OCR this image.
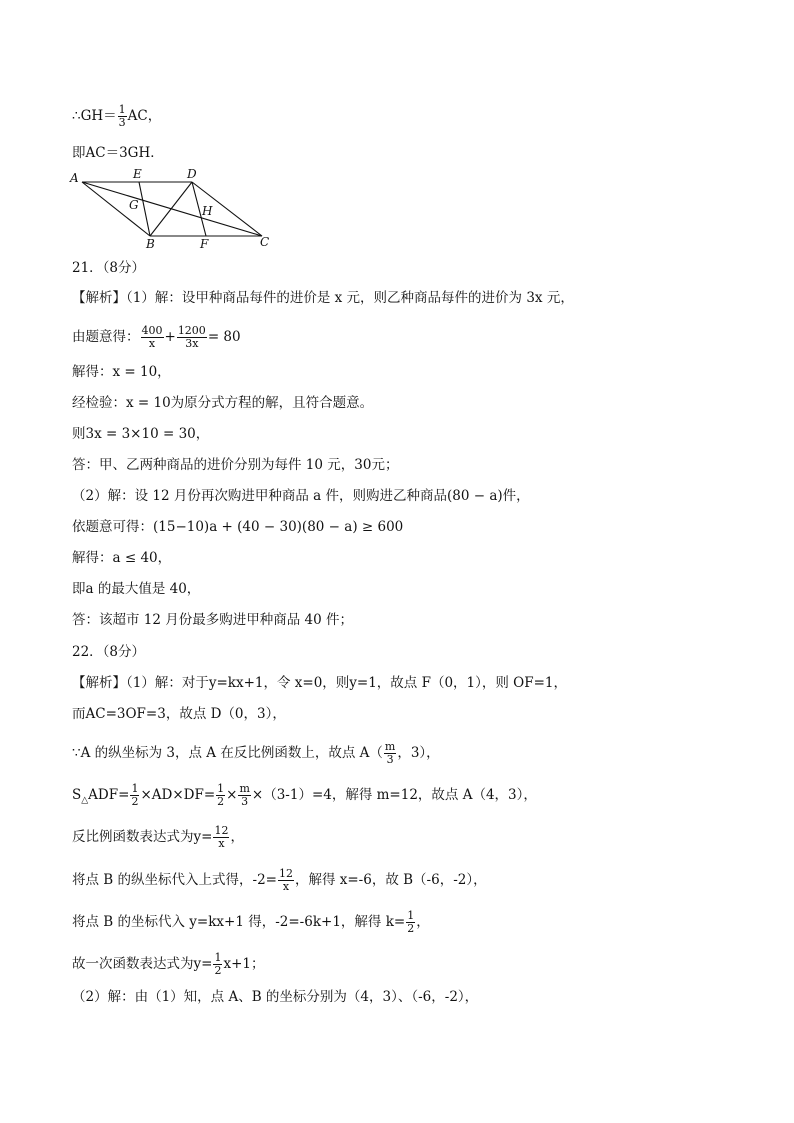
∴GH＝ $\frac{1}{3}$ AC，
即AC＝3GH．
A	E	D
G	H
B	F	C
21．（8分）
【解析】（1）解：设甲种商品每件的进价是 x 元，则乙种商品每件的进价为 3x 元，
由题意得： $\frac{400}{x} + \frac{1200}{3x} = 80$
解得：x = 10，
经检验：x = 10为原分式方程的解，且符合题意。
则3x = 3×10 = 30，
答：甲、乙两种商品的进价分别为每件 10 元，30元；
（2）解：设 12 月份再次购进甲种商品 a 件，则购进乙种商品(80 − a)件，
依题意可得：(15−10)a + (40 − 30)(80 − a) ≥ 600
解得：a ≤ 40，
即a 的最大值是 40，
答：该超市 12 月份最多购进甲种商品 40 件；
22．（8分）
【解析】（1）解：对于y=kx+1，令 x=0，则y=1，故点 F（0，1），则 OF=1，
而AC=3OF=3，故点 D（0，3），
∵A 的纵坐标为 3，点 A 在反比例函数上，故点 $A( \frac{m}{3}$ ，3），
$S_\triangle ADF= \frac{1}{2} \times AD\times DF= \frac{1}{2} \times \frac{m}{3} \times(3-1)=4$，解得 m=12，故点 A（4，3），
反比例函数表达式为$y= \frac{12}{x}$ ，
将点 B 的纵坐标代入上式得，$-2= \frac{12}{x}$ ，解得 x=-6，故 B（-6，-2），
将点 B 的坐标代入 y=kx+1 得，-2=-6k+1，解得 $k= \frac{1}{2}$ ，
故一次函数表达式为$y= \frac{1}{2} x+1$；
（2）解：由（1）知，点 A、B 的坐标分别为（4，3）、（-6，-2），
